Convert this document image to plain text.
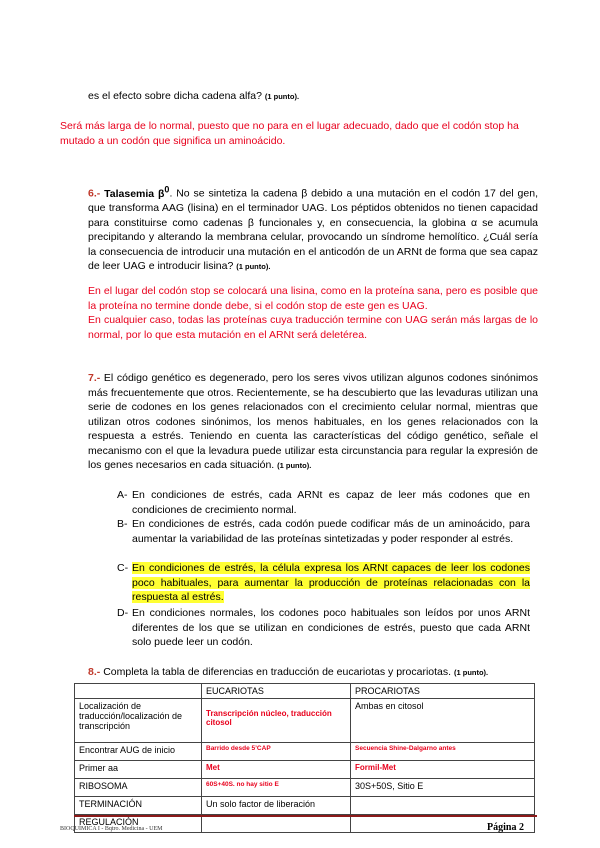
es el efecto sobre dicha cadena alfa? (1 punto).
Será más larga de lo normal, puesto que no para en el lugar adecuado, dado que el codón stop ha mutado a un codón que significa un aminoácido.
6.- Talasemia $\beta^0$. No se sintetiza la cadena β debido a una mutación en el codón 17 del gen, que transforma AAG (lisina) en el terminador UAG. Los péptidos obtenidos no tienen capacidad para constituirse como cadenas β funcionales y, en consecuencia, la globina α se acumula precipitando y alterando la membrana celular, provocando un síndrome hemolítico. ¿Cuál sería la consecuencia de introducir una mutación en el anticodón de un ARNt de forma que sea capaz de leer UAG e introducir lisina? (1 punto).
En el lugar del codón stop se colocará una lisina, como en la proteína sana, pero es posible que la proteína no termine donde debe, si el codón stop de este gen es UAG.
En cualquier caso, todas las proteínas cuya traducción termine con UAG serán más largas de lo normal, por lo que esta mutación en el ARNt será deletérea.
7.- El código genético es degenerado, pero los seres vivos utilizan algunos codones sinónimos más frecuentemente que otros. Recientemente, se ha descubierto que las levaduras utilizan una serie de codones en los genes relacionados con el crecimiento celular normal, mientras que utilizan otros codones sinónimos, los menos habituales, en los genes relacionados con la respuesta a estrés. Teniendo en cuenta las características del código genético, señale el mecanismo con el que la levadura puede utilizar esta circunstancia para regular la expresión de los genes necesarios en cada situación. (1 punto).
A- En condiciones de estrés, cada ARNt es capaz de leer más codones que en condiciones de crecimiento normal.
B- En condiciones de estrés, cada codón puede codificar más de un aminoácido, para aumentar la variabilidad de las proteínas sintetizadas y poder responder al estrés.
C- En condiciones de estrés, la célula expresa los ARNt capaces de leer los codones poco habituales, para aumentar la producción de proteínas relacionadas con la respuesta al estrés.
D- En condiciones normales, los codones poco habituales son leídos por unos ARNt diferentes de los que se utilizan en condiciones de estrés, puesto que cada ARNt solo puede leer un codón.
8.- Completa la tabla de diferencias en traducción de eucariotas y procariotas. (1 punto).
	EUCARIOTAS	PROCARIOTAS
Localización de traducción/localización de transcripción	Transcripción núcleo, traducción citosol	Ambas en citosol
Encontrar AUG de inicio	Barrido desde 5’CAP	Secuencia Shine-Dalgarno antes
Primer aa	Met	Formil-Met
RIBOSOMA	60S+40S. no hay sitio E	30S+50S, Sitio E
TERMINACIÓN	Un solo factor de liberación	
REGULACIÓN		
BIOQUÍMICA I - Bqtro. Medicina - UEM	Página 2
